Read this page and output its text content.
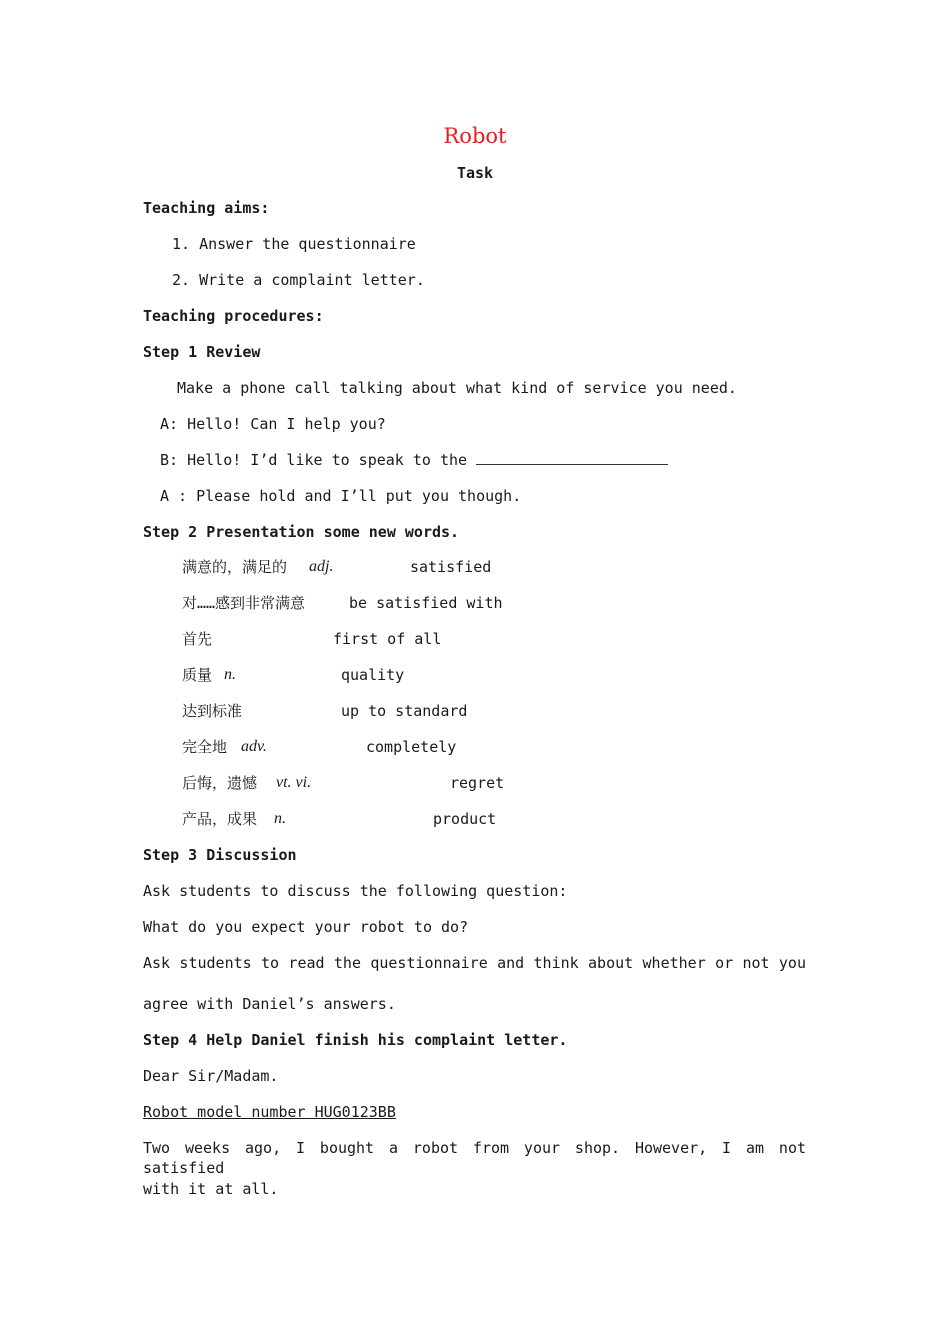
Robot
Task
Teaching aims:
1. Answer the questionnaire
2. Write a complaint letter.
Teaching procedures:
Step 1 Review
Make a phone call talking about what kind of service you need.
A: Hello! Can I help you?
B: Hello! I’d like to speak to the
A : Please hold and I’ll put you though.
Step 2 Presentation some new words.
满意的，满足的 adj.	satisfied
对……感到非常满意	be satisfied with
首先	first of all
质量 n.	quality
达到标准	up to standard
完全地 adv.	completely
后悔，遗憾 vt. vi.	regret
产品，成果 n.	product
Step 3 Discussion
Ask students to discuss the following question:
What do you expect your robot to do?
Ask students to read the questionnaire and think about whether or not you
agree with Daniel’s answers.
Step 4 Help Daniel finish his complaint letter.
Dear Sir/Madam.
Robot model number HUG0123BB
Two weeks ago, I bought a robot from your shop. However, I am not satisfied
with it at all.
